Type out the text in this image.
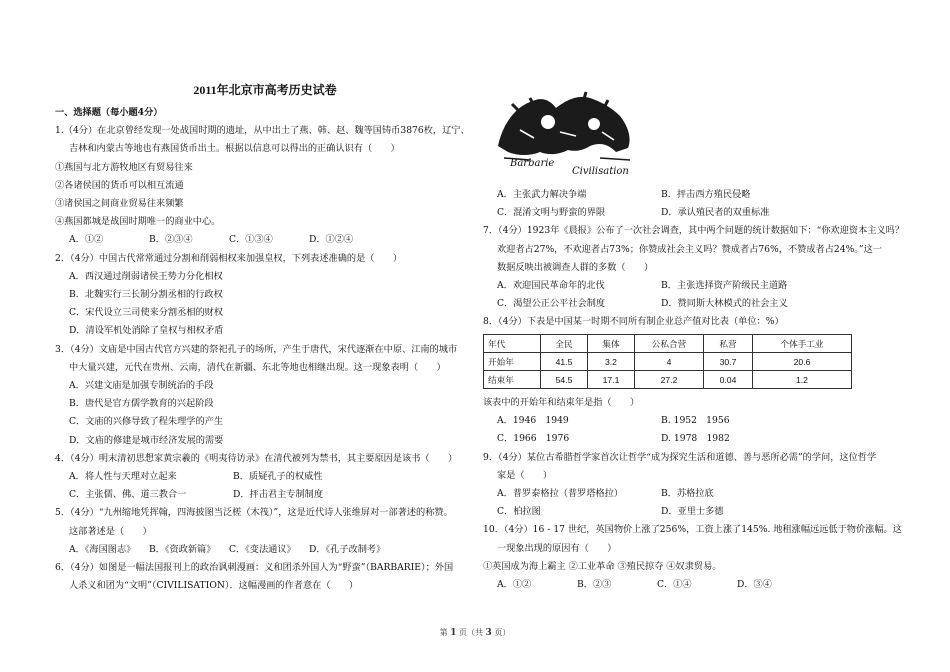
2011年北京市高考历史试卷
一、选择题（每小题4分）
1.（4分）在北京曾经发现一处战国时期的遗址，从中出土了燕、韩、赵、魏等国铸币3876枚，辽宁、
吉林和内蒙古等地也有燕国货币出土。根据以信息可以得出的正确认识有（　　）
①燕国与北方游牧地区有贸易往来
②各诸侯国的货币可以相互流通
③诸侯国之间商业贸易往来频繁
④燕国都城是战国时期唯一的商业中心。
A．①②	B．②③④	C．①③④	D．①②④
2．（4分）中国古代常常通过分割和削弱相权来加强皇权，下列表述准确的是（　　）
A．西汉通过削弱诸侯王势力分化相权
B．北魏实行三长制分割丞相的行政权
C．宋代设立三司使来分割丞相的财权
D．清设军机处消除了皇权与相权矛盾
3．（4分）文庙是中国古代官方兴建的祭祀孔子的场所，产生于唐代，宋代逐渐在中原、江南的城市
中大量兴建，元代在贵州、云南，清代在新疆、东北等地也相继出现。这一现象表明（　　）
A．兴建文庙是加强专制统治的手段
B．唐代是官方儒学教育的兴起阶段
C．文庙的兴修导致了程朱理学的产生
D．文庙的修建是城市经济发展的需要
4．（4分）明末清初思想家黄宗羲的《明夷待访录》在清代被列为禁书，其主要原因是该书（　　）
A．将人性与天理对立起来	B．质疑孔子的权威性
C．主张儒、佛、道三教合一	D．抨击君主专制制度
5．（4分）“九州缩地凭挥翰，四海披图当泛槎（木筏）”，这是近代诗人张维屏对一部著述的称赞。
这部著述是（　　）
A．《海国图志》 B．《资政新篇》 C．《变法通议》 D．《孔子改制考》
6．（4分）如图是一幅法国报刊上的政治讽刺漫画：义和团杀外国人为“野蛮”（BARBARIE）；外国
人杀义和团为“文明”（CIVILISATION）．这幅漫画的作者意在（　　）
Barbarie
Civilisation
A．主张武力解决争端	B．抨击西方殖民侵略
C．混淆文明与野蛮的界限	D．承认殖民者的双重标准
7．（4分）1923年《晨报》公布了一次社会调查，其中两个问题的统计数据如下：“你欢迎资本主义吗？
欢迎者占27%，不欢迎者占73%；你赞成社会主义吗？赞成者占76%，不赞成者占24%。”这一
数据反映出被调查人群的多数（　　）
A．欢迎国民革命年的北伐	B．主张选择资产阶级民主道路
C．渴望公正公平社会制度	D．赞同斯大林模式的社会主义
8．（4分）下表是中国某一时期不同所有制企业总产值对比表（单位：%）
年代	全民	集体	公私合营	私营	个体手工业
开始年	41.5	3.2	4	30.7	20.6
结束年	54.5	17.1	27.2	0.04	1.2
该表中的开始年和结束年是指（　　）
A．1946　1949	B. 1952　1956
C．1966　1976	D. 1978　1982
9．（4分）某位古希腊哲学家首次让哲学“成为探究生活和道德、善与恶所必需”的学问，这位哲学
家是（　　）
A．普罗泰格拉（普罗塔格拉）	B．苏格拉底
C．柏拉图	D．亚里士多德
10．（4分）16 - 17 世纪，英国物价上涨了256%，工资上涨了145%. 地租涨幅远远低于物价涨幅。这
一现象出现的原因有（　　）
①英国成为海上霸主 ②工业革命 ③殖民掠夺 ④奴隶贸易。
A．①②	B．②③	C．①④	D．③④
第 1 页（共 3 页）
